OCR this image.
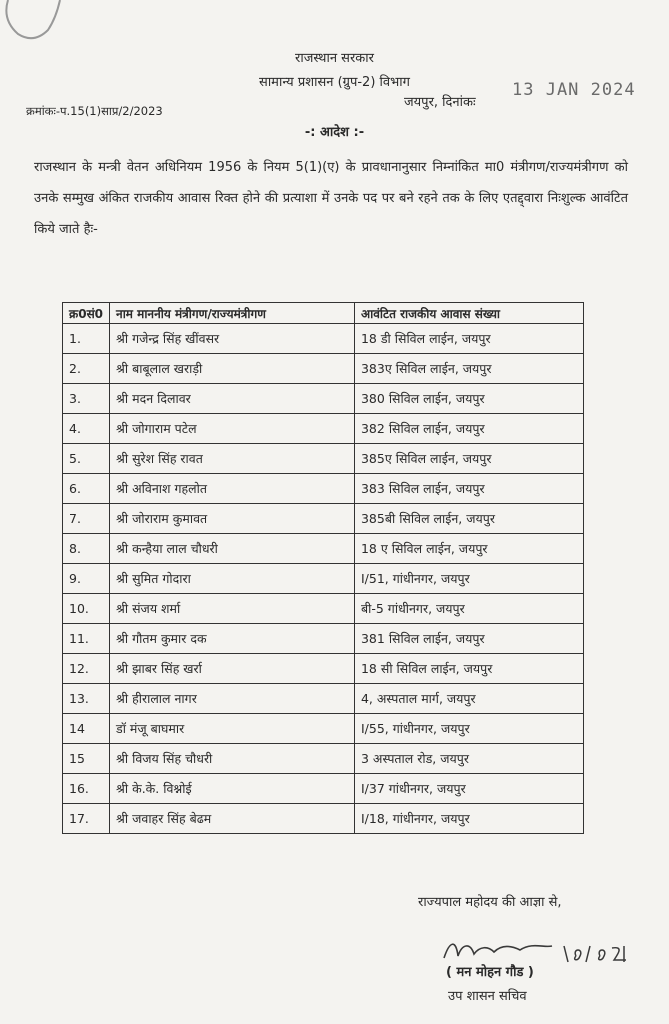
राजस्थान सरकार
सामान्य प्रशासन (ग्रुप-2) विभाग
क्रमांकः-प.15(1)साप्र/2/2023
जयपुर, दिनांकः
13 JAN 2024
-: आदेश :-
राजस्थान के मन्त्री वेतन अधिनियम 1956 के नियम 5(1)(ए) के प्रावधानानुसार निम्नांकित मा0 मंत्रीगण/राज्यमंत्रीगण को उनके सम्मुख अंकित राजकीय आवास रिक्त होने की प्रत्याशा में उनके पद पर बने रहने तक के लिए एतद्द्वारा निःशुल्क आवंटित किये जाते हैः-
क्र0सं0	नाम माननीय मंत्रीगण/राज्यमंत्रीगण	आवंटित राजकीय आवास संख्या
1.	श्री गजेन्द्र सिंह खींवसर	18 डी सिविल लाईन, जयपुर
2.	श्री बाबूलाल खराड़ी	383ए सिविल लाईन, जयपुर
3.	श्री मदन दिलावर	380 सिविल लाईन, जयपुर
4.	श्री जोगाराम पटेल	382 सिविल लाईन, जयपुर
5.	श्री सुरेश सिंह रावत	385ए सिविल लाईन, जयपुर
6.	श्री अविनाश गहलोत	383 सिविल लाईन, जयपुर
7.	श्री जोराराम कुमावत	385बी सिविल लाईन, जयपुर
8.	श्री कन्हैया लाल चौधरी	18 ए सिविल लाईन, जयपुर
9.	श्री सुमित गोदारा	I/51, गांधीनगर, जयपुर
10.	श्री संजय शर्मा	बी-5 गांधीनगर, जयपुर
11.	श्री गौतम कुमार दक	381 सिविल लाईन, जयपुर
12.	श्री झाबर सिंह खर्रा	18 सी सिविल लाईन, जयपुर
13.	श्री हीरालाल नागर	4, अस्पताल मार्ग, जयपुर
14	डॉ मंजू बाघमार	I/55, गांधीनगर, जयपुर
15	श्री विजय सिंह चौधरी	3 अस्पताल रोड, जयपुर
16.	श्री के.के. विश्नोई	I/37 गांधीनगर, जयपुर
17.	श्री जवाहर सिंह बेढम	I/18, गांधीनगर, जयपुर
राज्यपाल महोदय की आज्ञा से,
( मन मोहन गौड )
उप शासन सचिव
